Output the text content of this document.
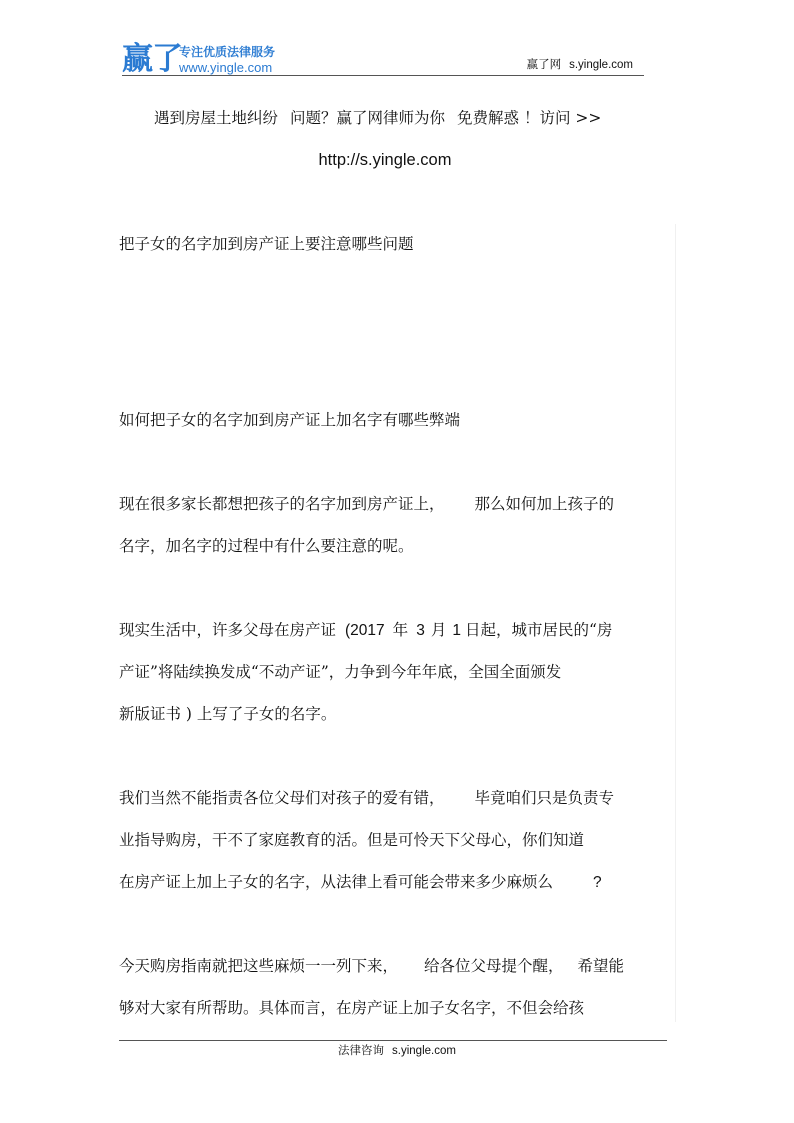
赢了
专注优质法律服务
www.yingle.com	赢了网 s.yingle.com
遇到房屋土地纠纷 问题？赢了网律师为你 免费解惑 ！访问 >>
http://s.yingle.com
把子女的名字加到房产证上要注意哪些问题
如何把子女的名字加到房产证上加名字有哪些弊端
现在很多家长都想把孩子的名字加到房产证上， 那么如何加上孩子的
名字，加名字的过程中有什么要注意的呢。
现实生活中，许多父母在房产证 (2017 年 3 月 1 日起，城市居民的“房
产证”将陆续换发成“不动产证”，力争到今年年底，全国全面颁发
新版证书 ) 上写了子女的名字。
我们当然不能指责各位父母们对孩子的爱有错， 毕竟咱们只是负责专
业指导购房，干不了家庭教育的活。但是可怜天下父母心，你们知道
在房产证上加上子女的名字，从法律上看可能会带来多少麻烦么	?
今天购房指南就把这些麻烦一一列下来， 给各位父母提个醒， 希望能
够对大家有所帮助。具体而言，在房产证上加子女名字，不但会给孩
法律咨询 s.yingle.com
